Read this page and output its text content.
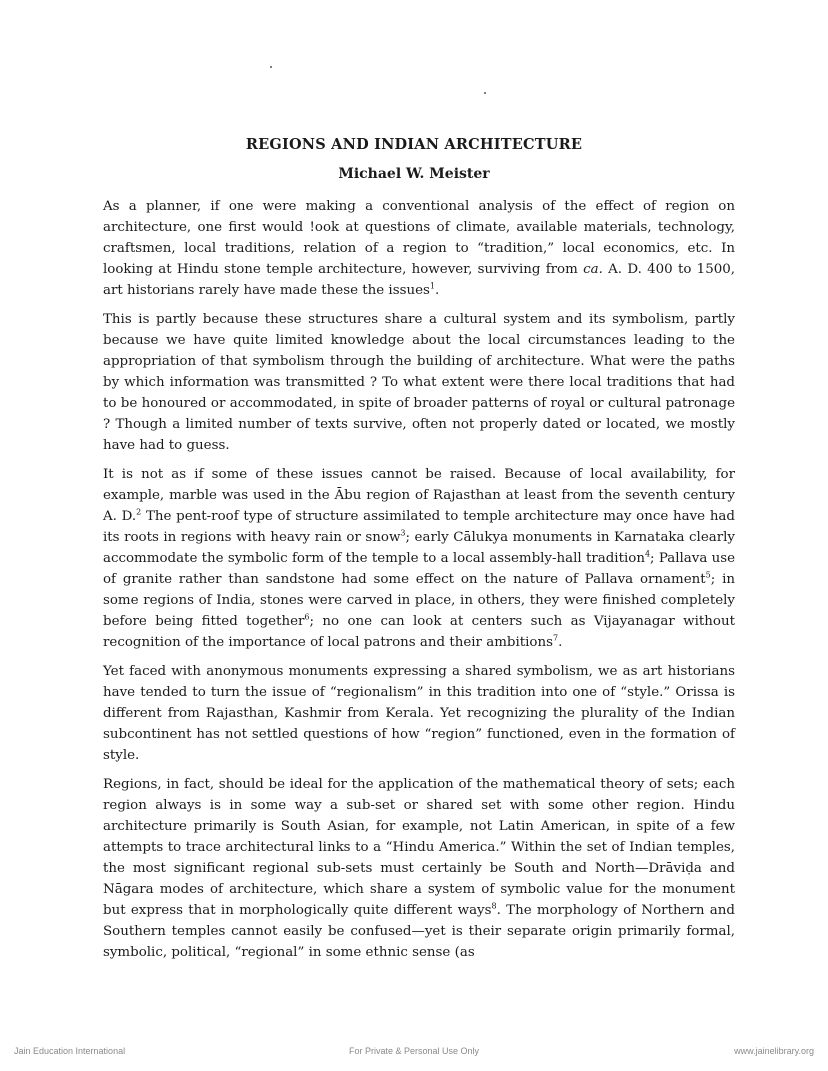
REGIONS AND INDIAN ARCHITECTURE
Michael W. Meister

As a planner, if one were making a conventional analysis of the effect of region on architecture, one first would !ook at questions of climate, available materials, technology, craftsmen, local traditions, relation of a region to “tradition,” local economics, etc. In looking at Hindu stone temple architecture, however, surviving from ca. A. D. 400 to 1500, art historians rarely have made these the issues$^1$.

This is partly because these structures share a cultural system and its symbolism, partly because we have quite limited knowledge about the local circumstances leading to the appropriation of that symbolism through the building of architecture. What were the paths by which information was transmitted ? To what extent were there local traditions that had to be honoured or accommodated, in spite of broader patterns of royal or cultural patronage ? Though a limited number of texts survive, often not properly dated or located, we mostly have had to guess.

It is not as if some of these issues cannot be raised. Because of local availability, for example, marble was used in the Ābu region of Rajasthan at least from the seventh century A. D.$^2$ The pent-roof type of structure assimilated to temple architecture may once have had its roots in regions with heavy rain or snow$^3$; early Cālukya monuments in Karnataka clearly accommodate the symbolic form of the temple to a local assembly-hall tradition$^4$; Pallava use of granite rather than sandstone had some effect on the nature of Pallava ornament$^5$; in some regions of India, stones were carved in place, in others, they were finished completely before being fitted together$^6$; no one can look at centers such as Vijayanagar without recognition of the importance of local patrons and their ambitions$^7$.

Yet faced with anonymous monuments expressing a shared symbolism, we as art historians have tended to turn the issue of “regionalism” in this tradition into one of “style.” Orissa is different from Rajasthan, Kashmir from Kerala. Yet recognizing the plurality of the Indian subcontinent has not settled questions of how “region” functioned, even in the formation of style.

Regions, in fact, should be ideal for the application of the mathematical theory of sets; each region always is in some way a sub-set or shared set with some other region. Hindu architecture primarily is South Asian, for example, not Latin American, in spite of a few attempts to trace architectural links to a “Hindu America.” Within the set of Indian temples, the most significant regional sub-sets must certainly be South and North—Drāviḍa and Nāgara modes of architecture, which share a system of symbolic value for the monument but express that in morphologically quite different ways$^8$. The morphology of Northern and Southern temples cannot easily be confused—yet is their separate origin primarily formal, symbolic, political, “regional” in some ethnic sense (as

Jain Education International	For Private & Personal Use Only	www.jainelibrary.org
